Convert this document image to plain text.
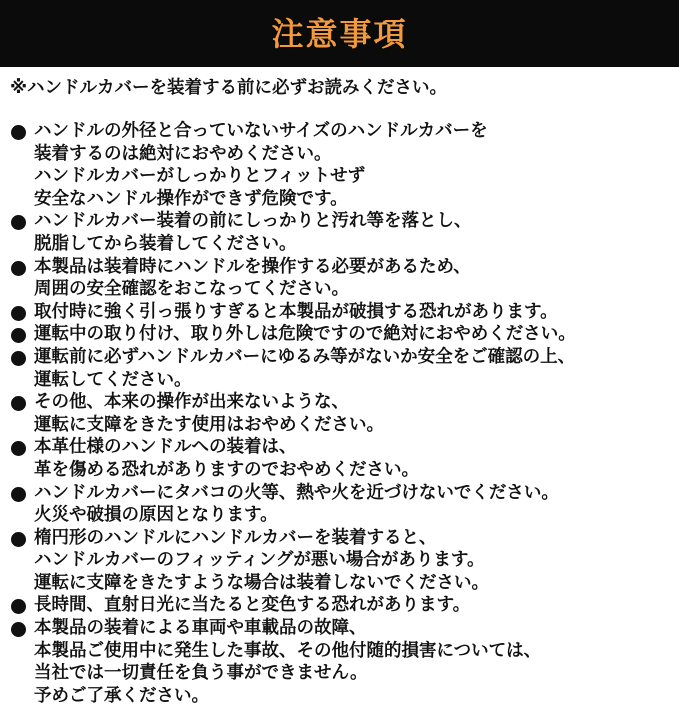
注意事項
※ハンドルカバーを装着する前に必ずお読みください。
ハンドルの外径と合っていないサイズのハンドルカバーを
装着するのは絶対におやめください。
ハンドルカバーがしっかりとフィットせず
安全なハンドル操作ができず危険です。
ハンドルカバー装着の前にしっかりと汚れ等を落とし、
脱脂してから装着してください。
本製品は装着時にハンドルを操作する必要があるため、
周囲の安全確認をおこなってください。
取付時に強く引っ張りすぎると本製品が破損する恐れがあります。
運転中の取り付け、取り外しは危険ですので絶対におやめください。
運転前に必ずハンドルカバーにゆるみ等がないか安全をご確認の上、
運転してください。
その他、本来の操作が出来ないような、
運転に支障をきたす使用はおやめください。
本革仕様のハンドルへの装着は、
革を傷める恐れがありますのでおやめください。
ハンドルカバーにタバコの火等、熱や火を近づけないでください。
火災や破損の原因となります。
楕円形のハンドルにハンドルカバーを装着すると、
ハンドルカバーのフィッティングが悪い場合があります。
運転に支障をきたすような場合は装着しないでください。
長時間、直射日光に当たると変色する恐れがあります。
本製品の装着による車両や車載品の故障、
本製品ご使用中に発生した事故、その他付随的損害については、
当社では一切責任を負う事ができません。
予めご了承ください。
